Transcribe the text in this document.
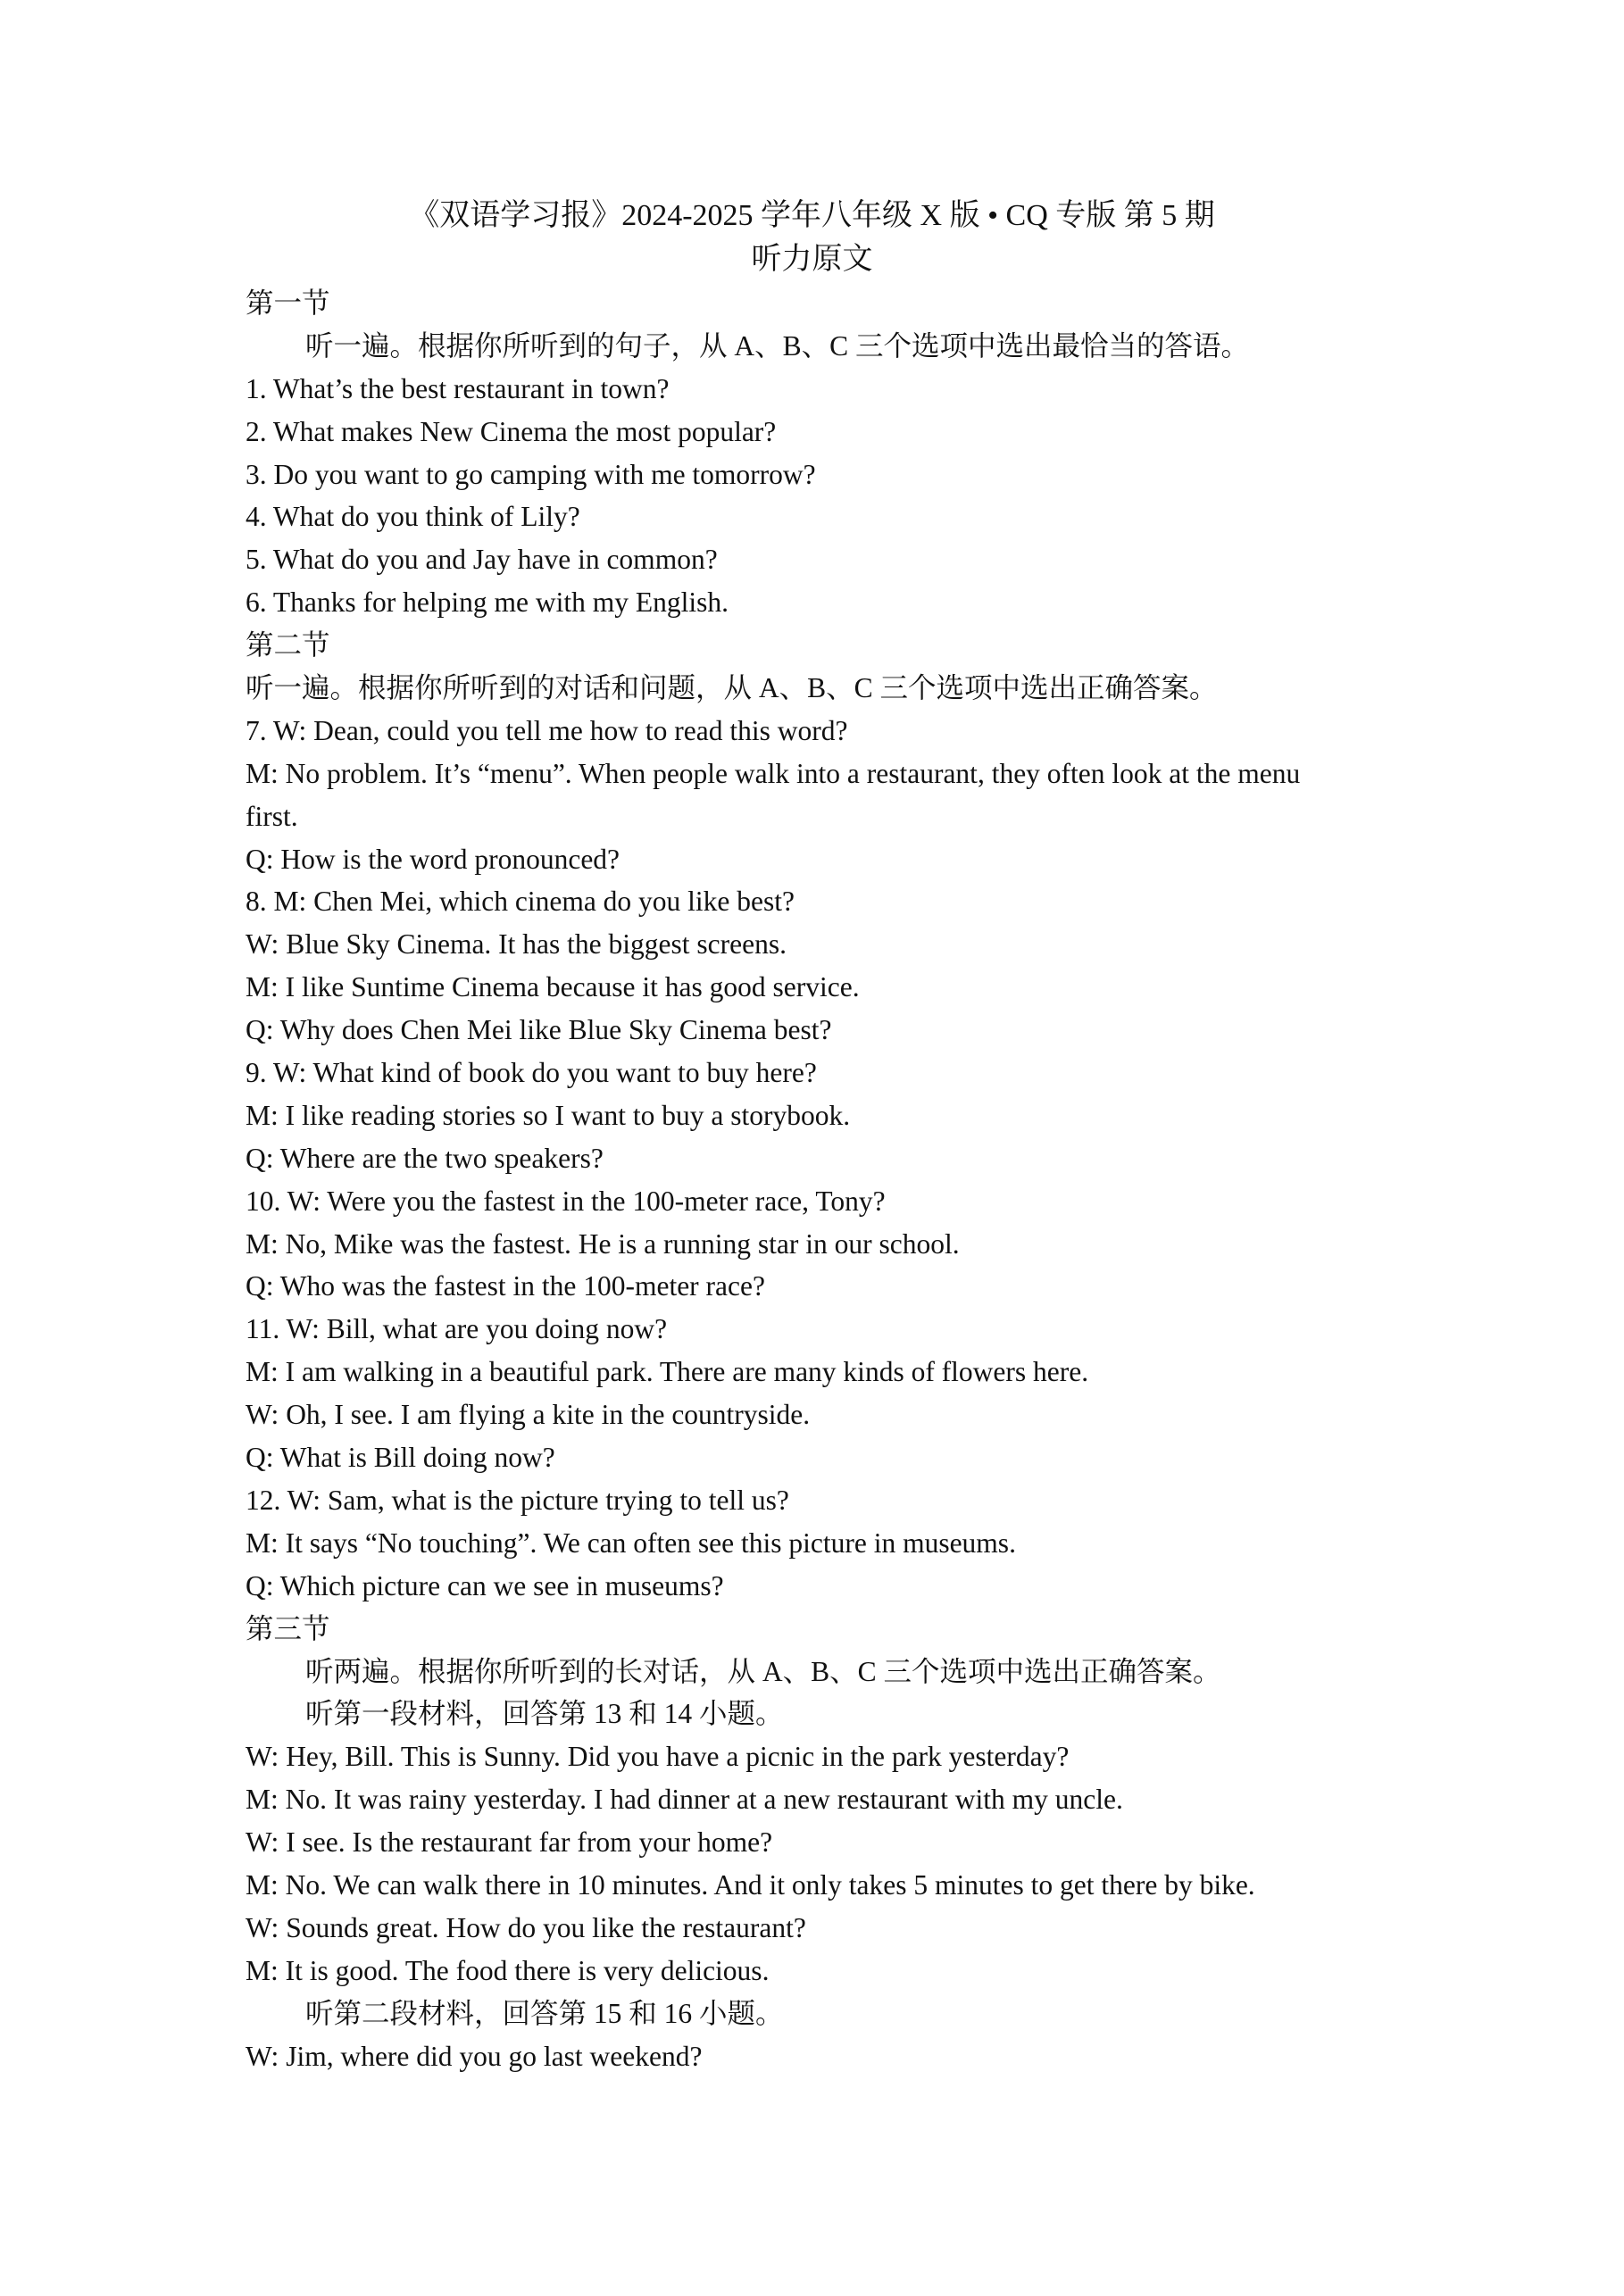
《双语学习报》2024-2025 学年八年级 X 版 • CQ 专版 第 5 期
听力原文
第一节
听一遍。根据你所听到的句子，从 A、B、C 三个选项中选出最恰当的答语。
1. What’s the best restaurant in town?
2. What makes New Cinema the most popular?
3. Do you want to go camping with me tomorrow?
4. What do you think of Lily?
5. What do you and Jay have in common?
6. Thanks for helping me with my English.
第二节
听一遍。根据你所听到的对话和问题，从 A、B、C 三个选项中选出正确答案。
7. W: Dean, could you tell me how to read this word?
M: No problem. It’s “menu”. When people walk into a restaurant, they often look at the menu
first.
Q: How is the word pronounced?
8. M: Chen Mei, which cinema do you like best?
W: Blue Sky Cinema. It has the biggest screens.
M: I like Suntime Cinema because it has good service.
Q: Why does Chen Mei like Blue Sky Cinema best?
9. W: What kind of book do you want to buy here?
M: I like reading stories so I want to buy a storybook.
Q: Where are the two speakers?
10. W: Were you the fastest in the 100-meter race, Tony?
M: No, Mike was the fastest. He is a running star in our school.
Q: Who was the fastest in the 100-meter race?
11. W: Bill, what are you doing now?
M: I am walking in a beautiful park. There are many kinds of flowers here.
W: Oh, I see. I am flying a kite in the countryside.
Q: What is Bill doing now?
12. W: Sam, what is the picture trying to tell us?
M: It says “No touching”. We can often see this picture in museums.
Q: Which picture can we see in museums?
第三节
听两遍。根据你所听到的长对话，从 A、B、C 三个选项中选出正确答案。
听第一段材料，回答第 13 和 14 小题。
W: Hey, Bill. This is Sunny. Did you have a picnic in the park yesterday?
M: No. It was rainy yesterday. I had dinner at a new restaurant with my uncle.
W: I see. Is the restaurant far from your home?
M: No. We can walk there in 10 minutes. And it only takes 5 minutes to get there by bike.
W: Sounds great. How do you like the restaurant?
M: It is good. The food there is very delicious.
听第二段材料，回答第 15 和 16 小题。
W: Jim, where did you go last weekend?
